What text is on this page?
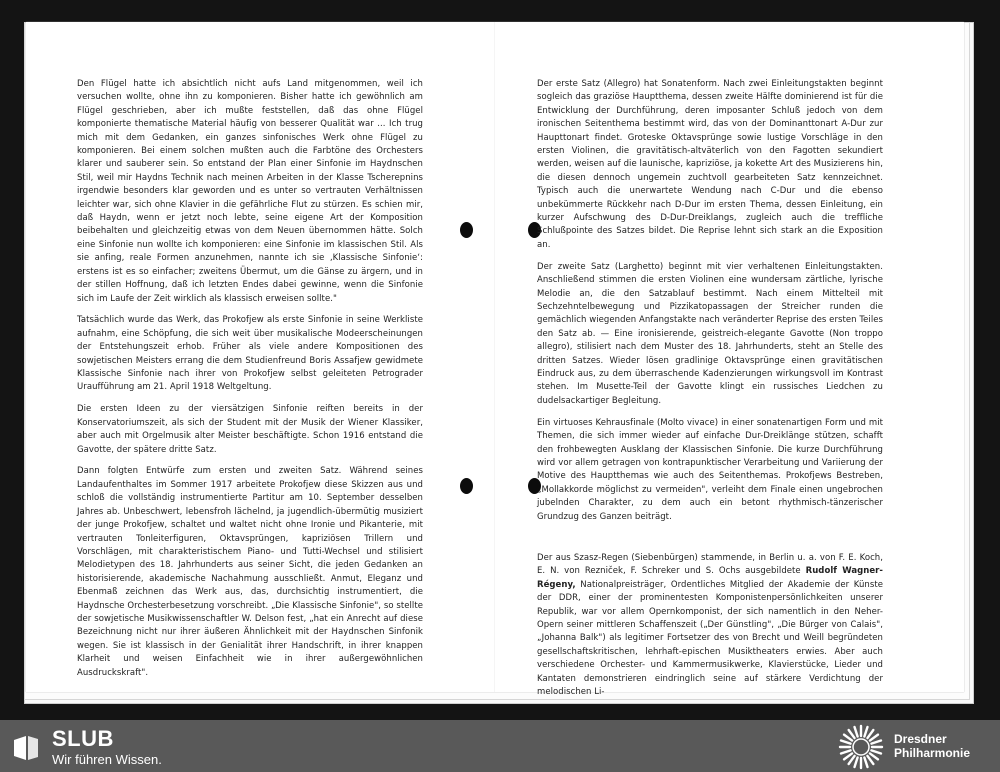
Den Flügel hatte ich absichtlich nicht aufs Land mitgenommen, weil ich versuchen wollte, ohne ihn zu komponieren. Bisher hatte ich gewöhnlich am Flügel geschrieben, aber ich mußte feststellen, daß das ohne Flügel komponierte thematische Material häufig von besserer Qualität war ... Ich trug mich mit dem Gedanken, ein ganzes sinfonisches Werk ohne Flügel zu komponieren. Bei einem solchen mußten auch die Farbtöne des Orchesters klarer und sauberer sein. So entstand der Plan einer Sinfonie im Haydnschen Stil, weil mir Haydns Technik nach meinen Arbeiten in der Klasse Tscherepnins irgendwie besonders klar geworden und es unter so vertrauten Verhältnissen leichter war, sich ohne Klavier in die gefährliche Flut zu stürzen. Es schien mir, daß Haydn, wenn er jetzt noch lebte, seine eigene Art der Komposition beibehalten und gleichzeitig etwas von dem Neuen übernommen hätte. Solch eine Sinfonie nun wollte ich komponieren: eine Sinfonie im klassischen Stil. Als sie anfing, reale Formen anzunehmen, nannte ich sie ‚Klassische Sinfonie‘: erstens ist es so einfacher; zweitens Übermut, um die Gänse zu ärgern, und in der stillen Hoffnung, daß ich letzten Endes dabei gewinne, wenn die Sinfonie sich im Laufe der Zeit wirklich als klassisch erweisen sollte."

Tatsächlich wurde das Werk, das Prokofjew als erste Sinfonie in seine Werkliste aufnahm, eine Schöpfung, die sich weit über musikalische Modeerscheinungen der Entstehungszeit erhob. Früher als viele andere Kompositionen des sowjetischen Meisters errang die dem Studienfreund Boris Assafjew gewidmete Klassische Sinfonie nach ihrer von Prokofjew selbst geleiteten Petrograder Uraufführung am 21. April 1918 Weltgeltung.

Die ersten Ideen zu der viersätzigen Sinfonie reiften bereits in der Konservatoriumszeit, als sich der Student mit der Musik der Wiener Klassiker, aber auch mit Orgelmusik alter Meister beschäftigte. Schon 1916 entstand die Gavotte, der spätere dritte Satz.

Dann folgten Entwürfe zum ersten und zweiten Satz. Während seines Landaufenthaltes im Sommer 1917 arbeitete Prokofjew diese Skizzen aus und schloß die vollständig instrumentierte Partitur am 10. September desselben Jahres ab. Unbeschwert, lebensfroh lächelnd, ja jugendlich-übermütig musiziert der junge Prokofjew, schaltet und waltet nicht ohne Ironie und Pikanterie, mit vertrauten Tonleiterfiguren, Oktavsprüngen, kapriziösen Trillern und Vorschlägen, mit charakteristischem Piano- und Tutti-Wechsel und stilisiert Melodietypen des 18. Jahrhunderts aus seiner Sicht, die jeden Gedanken an historisierende, akademische Nachahmung ausschließt. Anmut, Eleganz und Ebenmaß zeichnen das Werk aus, das, durchsichtig instrumentiert, die Haydnsche Orchesterbesetzung vorschreibt. „Die Klassische Sinfonie", so stellte der sowjetische Musikwissenschaftler W. Delson fest, „hat ein Anrecht auf diese Bezeichnung nicht nur ihrer äußeren Ähnlichkeit mit der Haydnschen Sinfonik wegen. Sie ist klassisch in der Genialität ihrer Handschrift, in ihrer knappen Klarheit und weisen Einfachheit wie in ihrer außergewöhnlichen Ausdruckskraft".

Der erste Satz (Allegro) hat Sonatenform. Nach zwei Einleitungstakten beginnt sogleich das graziöse Hauptthema, dessen zweite Hälfte dominierend ist für die Entwicklung der Durchführung, deren imposanter Schluß jedoch von dem ironischen Seitenthema bestimmt wird, das von der Dominanttonart A-Dur zur Haupttonart findet. Groteske Oktavsprünge sowie lustige Vorschläge in den ersten Violinen, die gravitätisch-altväterlich von den Fagotten sekundiert werden, weisen auf die launische, kapriziöse, ja kokette Art des Musizierens hin, die diesen dennoch ungemein zuchtvoll gearbeiteten Satz kennzeichnet. Typisch auch die unerwartete Wendung nach C-Dur und die ebenso unbekümmerte Rückkehr nach D-Dur im ersten Thema, dessen Einleitung, ein kurzer Aufschwung des D-Dur-Dreiklangs, zugleich auch die treffliche Schlußpointe des Satzes bildet. Die Reprise lehnt sich stark an die Exposition an.

Der zweite Satz (Larghetto) beginnt mit vier verhaltenen Einleitungstakten. Anschließend stimmen die ersten Violinen eine wundersam zärtliche, lyrische Melodie an, die den Satzablauf bestimmt. Nach einem Mittelteil mit Sechzehntelbewegung und Pizzikatopassagen der Streicher runden die gemächlich wiegenden Anfangstakte nach veränderter Reprise des ersten Teiles den Satz ab. — Eine ironisierende, geistreich-elegante Gavotte (Non troppo allegro), stilisiert nach dem Muster des 18. Jahrhunderts, steht an Stelle des dritten Satzes. Wieder lösen gradlinige Oktavsprünge einen gravitätischen Eindruck aus, zu dem überraschende Kadenzierungen wirkungsvoll im Kontrast stehen. Im Musette-Teil der Gavotte klingt ein russisches Liedchen zu dudelsackartiger Begleitung.

Ein virtuoses Kehrausfinale (Molto vivace) in einer sonatenartigen Form und mit Themen, die sich immer wieder auf einfache Dur-Dreiklänge stützen, schafft den frohbewegten Ausklang der Klassischen Sinfonie. Die kurze Durchführung wird vor allem getragen von kontrapunktischer Verarbeitung und Variierung der Motive des Hauptthemas wie auch des Seitenthemas. Prokofjews Bestreben, „Mollakkorde möglichst zu vermeiden", verleiht dem Finale einen ungebrochen jubelnden Charakter, zu dem auch ein betont rhythmisch-tänzerischer Grundzug des Ganzen beiträgt.

Der aus Szasz-Regen (Siebenbürgen) stammende, in Berlin u. a. von F. E. Koch, E. N. von Rezniček, F. Schreker und S. Ochs ausgebildete Rudolf Wagner-Régeny, Nationalpreisträger, Ordentliches Mitglied der Akademie der Künste der DDR, einer der prominentesten Komponistenpersönlichkeiten unserer Republik, war vor allem Opernkomponist, der sich namentlich in den Neher-Opern seiner mittleren Schaffenszeit („Der Günstling", „Die Bürger von Calais", „Johanna Balk") als legitimer Fortsetzer des von Brecht und Weill begründeten gesellschaftskritischen, lehrhaft-epischen Musiktheaters erwies. Aber auch verschiedene Orchester- und Kammermusikwerke, Klavierstücke, Lieder und Kantaten demonstrieren eindringlich seine auf stärkere Verdichtung der melodischen Li-

SLUB
Wir führen Wissen.
Dresdner
Philharmonie
